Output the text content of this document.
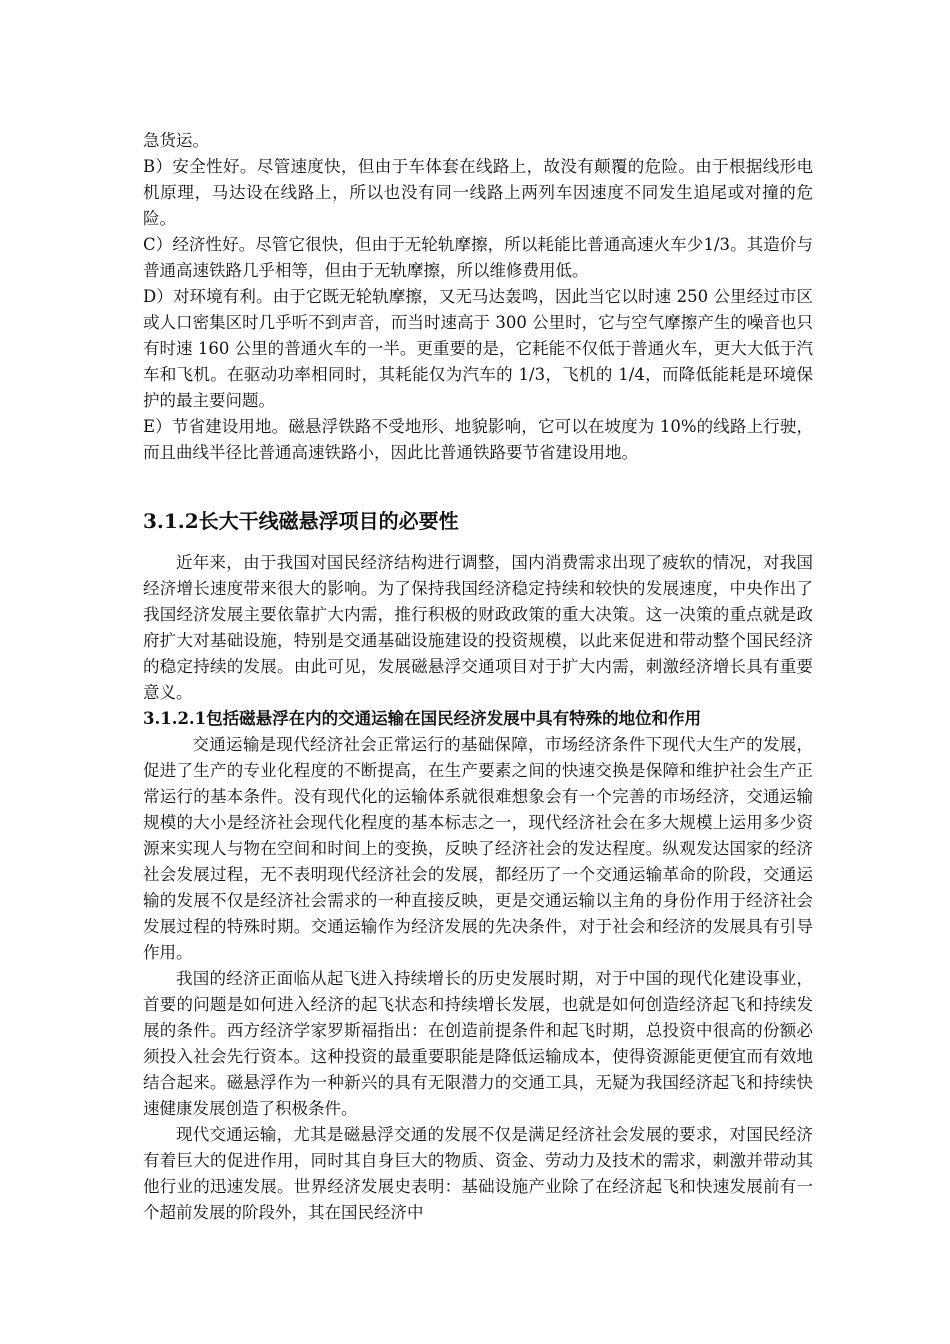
急货运。

B）安全性好。尽管速度快，但由于车体套在线路上，故没有颠覆的危险。由于根据线形电机原理，马达设在线路上，所以也没有同一线路上两列车因速度不同发生追尾或对撞的危险。

C）经济性好。尽管它很快，但由于无轮轨摩擦，所以耗能比普通高速火车少1/3。其造价与普通高速铁路几乎相等，但由于无轨摩擦，所以维修费用低。

D）对环境有利。由于它既无轮轨摩擦，又无马达轰鸣，因此当它以时速 250 公里经过市区或人口密集区时几乎听不到声音，而当时速高于 300 公里时，它与空气摩擦产生的噪音也只有时速 160 公里的普通火车的一半。更重要的是，它耗能不仅低于普通火车，更大大低于汽车和飞机。在驱动功率相同时，其耗能仅为汽车的 1/3，飞机的 1/4，而降低能耗是环境保护的最主要问题。

E）节省建设用地。磁悬浮铁路不受地形、地貌影响，它可以在坡度为 10%的线路上行驶，而且曲线半径比普通高速铁路小，因此比普通铁路要节省建设用地。

3.1.2长大干线磁悬浮项目的必要性

近年来，由于我国对国民经济结构进行调整，国内消费需求出现了疲软的情况，对我国经济增长速度带来很大的影响。为了保持我国经济稳定持续和较快的发展速度，中央作出了我国经济发展主要依靠扩大内需，推行积极的财政政策的重大决策。这一决策的重点就是政府扩大对基础设施，特别是交通基础设施建设的投资规模，以此来促进和带动整个国民经济的稳定持续的发展。由此可见，发展磁悬浮交通项目对于扩大内需，刺激经济增长具有重要意义。

3.1.2.1包括磁悬浮在内的交通运输在国民经济发展中具有特殊的地位和作用

交通运输是现代经济社会正常运行的基础保障，市场经济条件下现代大生产的发展，促进了生产的专业化程度的不断提高，在生产要素之间的快速交换是保障和维护社会生产正常运行的基本条件。没有现代化的运输体系就很难想象会有一个完善的市场经济，交通运输规模的大小是经济社会现代化程度的基本标志之一，现代经济社会在多大规模上运用多少资源来实现人与物在空间和时间上的变换，反映了经济社会的发达程度。纵观发达国家的经济社会发展过程，无不表明现代经济社会的发展，都经历了一个交通运输革命的阶段，交通运输的发展不仅是经济社会需求的一种直接反映，更是交通运输以主角的身份作用于经济社会发展过程的特殊时期。交通运输作为经济发展的先决条件，对于社会和经济的发展具有引导作用。

我国的经济正面临从起飞进入持续增长的历史发展时期，对于中国的现代化建设事业，首要的问题是如何进入经济的起飞状态和持续增长发展，也就是如何创造经济起飞和持续发展的条件。西方经济学家罗斯福指出：在创造前提条件和起飞时期，总投资中很高的份额必须投入社会先行资本。这种投资的最重要职能是降低运输成本，使得资源能更便宜而有效地结合起来。磁悬浮作为一种新兴的具有无限潜力的交通工具，无疑为我国经济起飞和持续快速健康发展创造了积极条件。

现代交通运输，尤其是磁悬浮交通的发展不仅是满足经济社会发展的要求，对国民经济有着巨大的促进作用，同时其自身巨大的物质、资金、劳动力及技术的需求，刺激并带动其他行业的迅速发展。世界经济发展史表明：基础设施产业除了在经济起飞和快速发展前有一个超前发展的阶段外，其在国民经济中
